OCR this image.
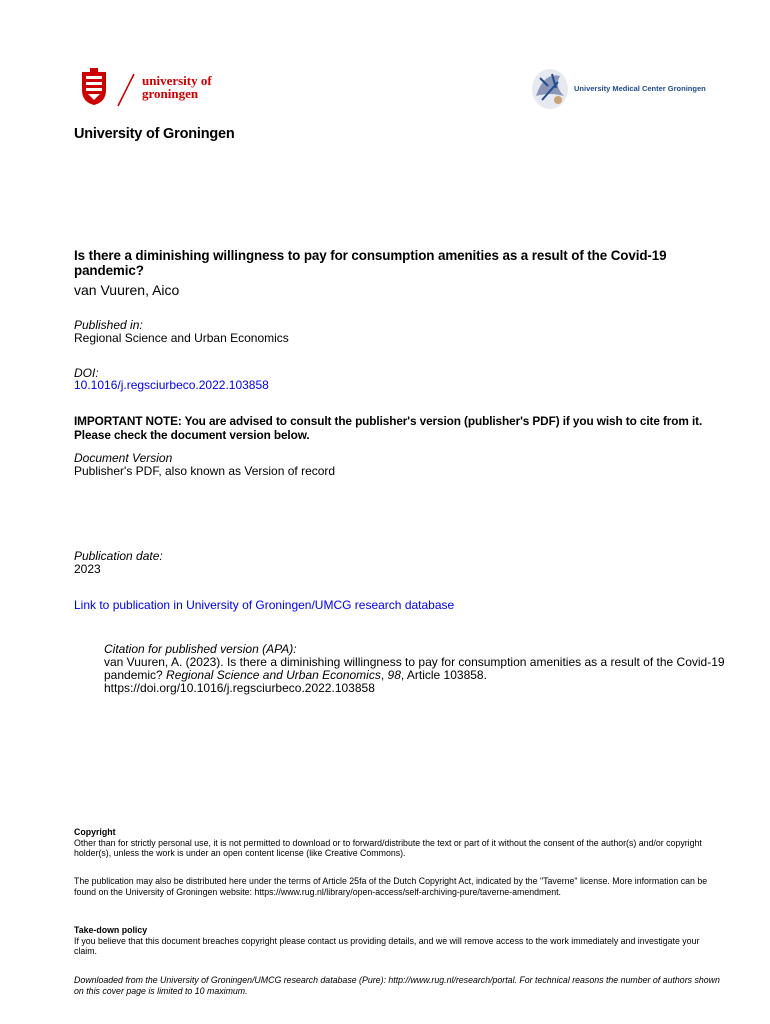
university of
groningen	University Medical Center Groningen
University of Groningen
Is there a diminishing willingness to pay for consumption amenities as a result of the Covid-19 pandemic?
van Vuuren, Aico
Published in:
Regional Science and Urban Economics
DOI:
10.1016/j.regsciurbeco.2022.103858
IMPORTANT NOTE: You are advised to consult the publisher's version (publisher's PDF) if you wish to cite from it. Please check the document version below.
Document Version
Publisher's PDF, also known as Version of record
Publication date:
2023
Link to publication in University of Groningen/UMCG research database
Citation for published version (APA):
van Vuuren, A. (2023). Is there a diminishing willingness to pay for consumption amenities as a result of the Covid-19 pandemic? Regional Science and Urban Economics, 98, Article 103858.
https://doi.org/10.1016/j.regsciurbeco.2022.103858
Copyright
Other than for strictly personal use, it is not permitted to download or to forward/distribute the text or part of it without the consent of the author(s) and/or copyright holder(s), unless the work is under an open content license (like Creative Commons).
The publication may also be distributed here under the terms of Article 25fa of the Dutch Copyright Act, indicated by the "Taverne" license. More information can be found on the University of Groningen website: https://www.rug.nl/library/open-access/self-archiving-pure/taverne-amendment.
Take-down policy
If you believe that this document breaches copyright please contact us providing details, and we will remove access to the work immediately and investigate your claim.
Downloaded from the University of Groningen/UMCG research database (Pure): http://www.rug.nl/research/portal. For technical reasons the number of authors shown on this cover page is limited to 10 maximum.
